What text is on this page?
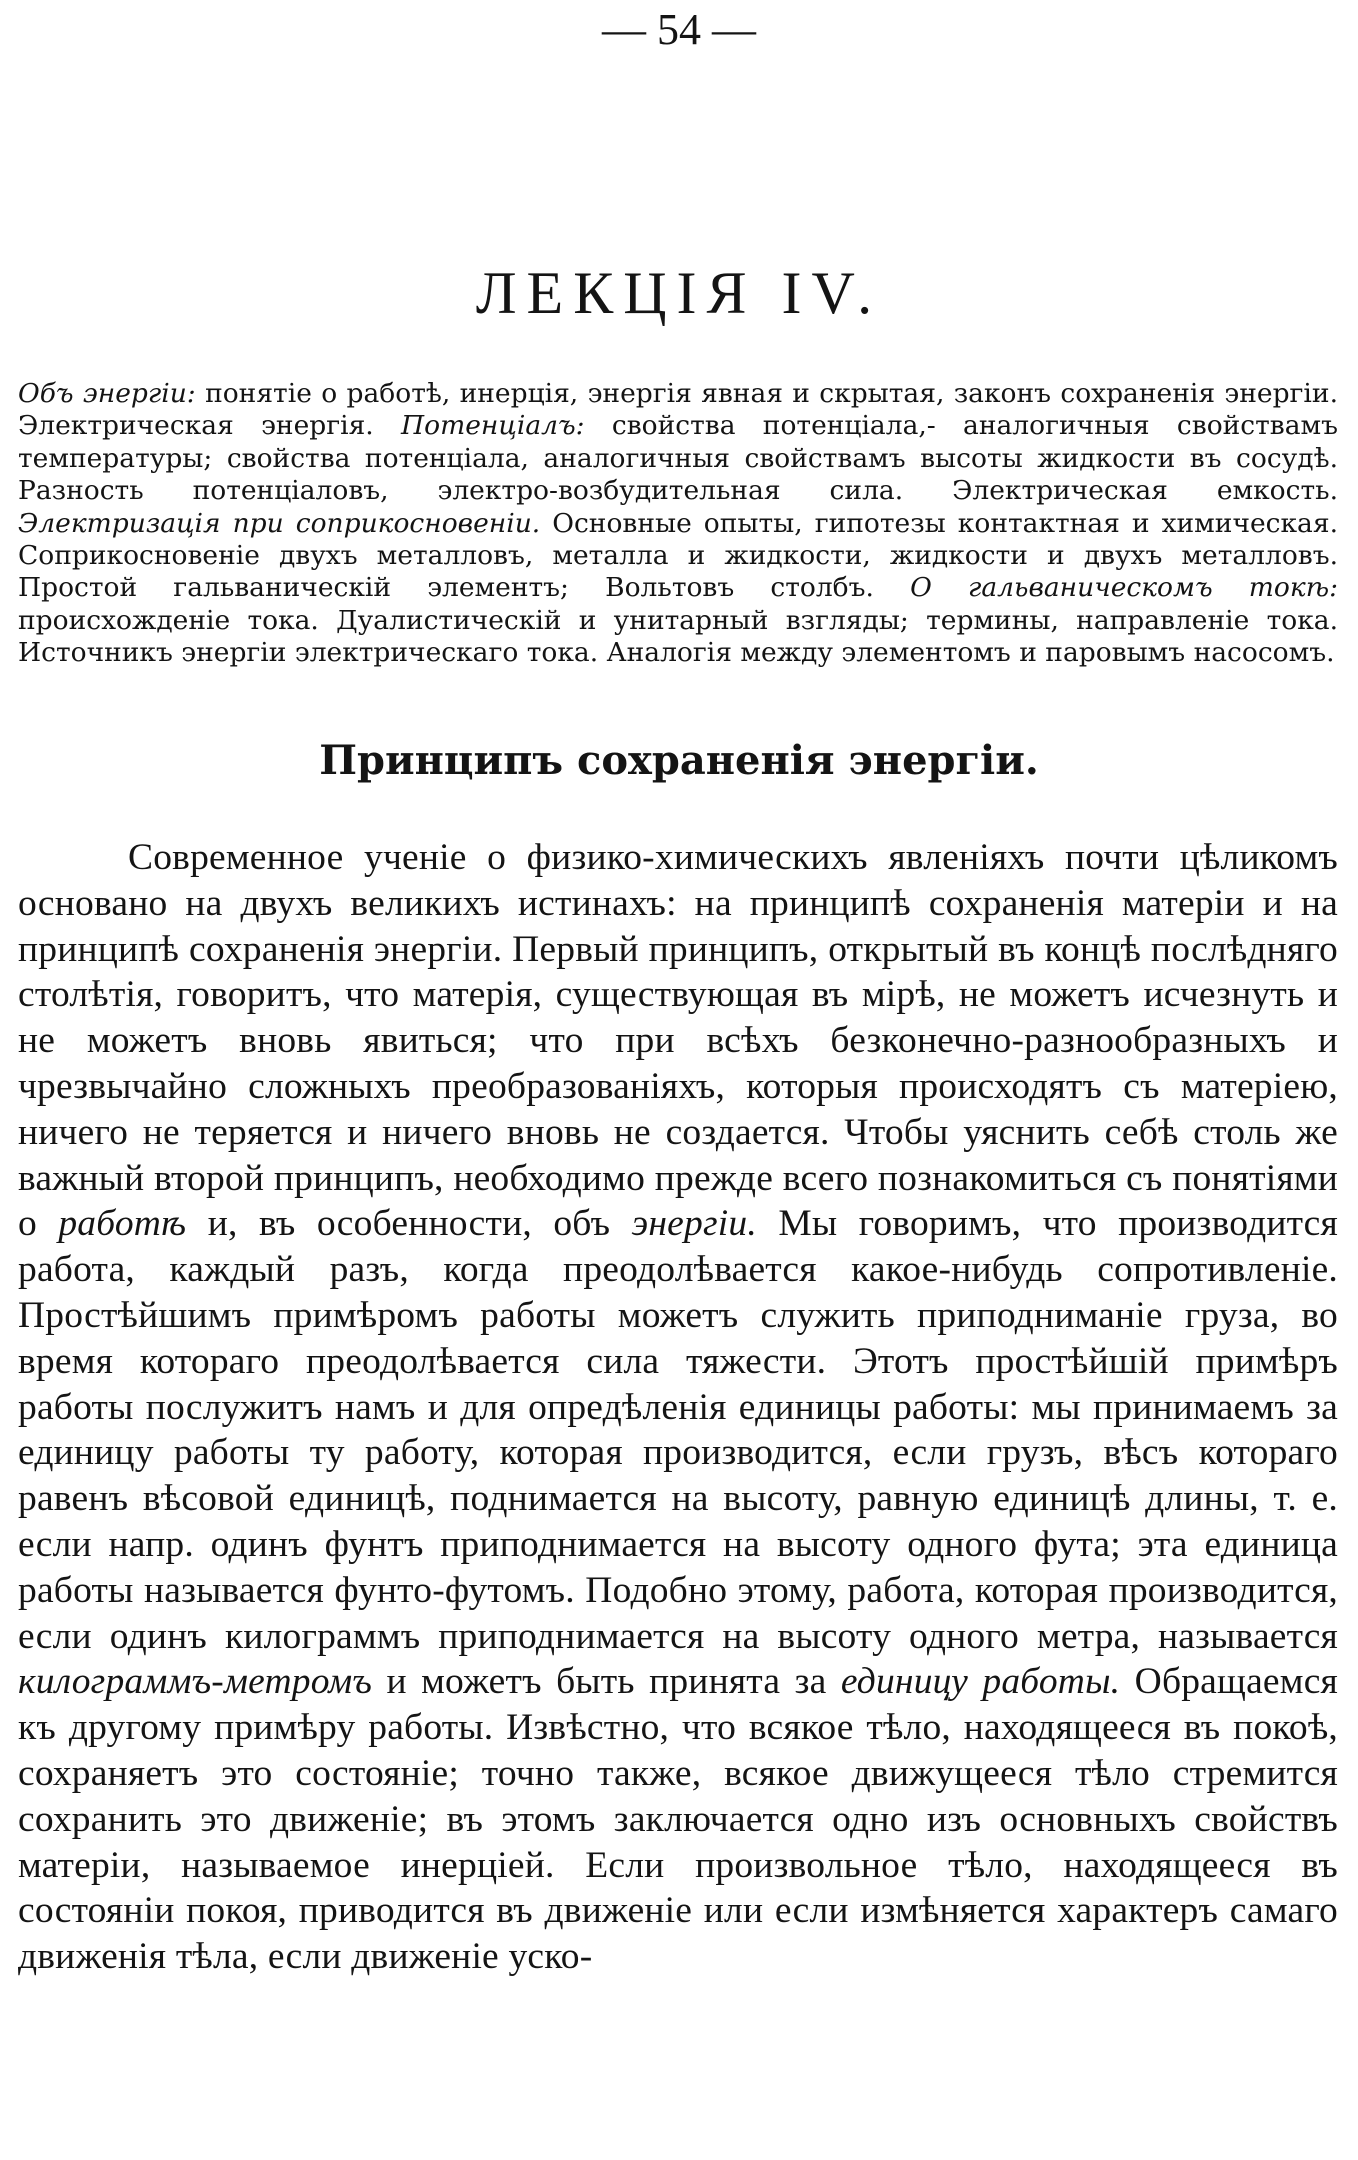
— 54 —
ЛЕКЦІЯ IV.

Объ энергіи: понятіе о работѣ, инерція, энергія явная и скрытая, законъ сохраненія энергіи. Электрическая энергія. Потенціалъ: свойства потенціала,- аналогичныя свойствамъ температуры; свойства потенціала, аналогичныя свойствамъ высоты жидкости въ сосудѣ. Разность потенціаловъ, электро-возбудительная сила. Электрическая емкость. Электризація при соприкосновеніи. Основные опыты, гипотезы контактная и химическая. Соприкосновеніе двухъ металловъ, металла и жидкости, жидкости и двухъ металловъ. Простой гальваническій элементъ; Вольтовъ столбъ. О гальваническомъ токѣ: происхожденіе тока. Дуалистическій и унитарный взгляды; термины, направленіе тока. Источникъ энергіи электрическаго тока. Аналогія между элементомъ и паровымъ насосомъ.

Принципъ сохраненія энергіи.

Современное ученіе о физико-химическихъ явленіяхъ почти цѣликомъ основано на двухъ великихъ истинахъ: на принципѣ сохраненія матеріи и на принципѣ сохраненія энергіи. Первый принципъ, открытый въ концѣ послѣдняго столѣтія, говоритъ, что матерія, существующая въ мірѣ, не можетъ исчезнуть и не можетъ вновь явиться; что при всѣхъ безконечно-разнообразныхъ и чрезвычайно сложныхъ преобразованіяхъ, которыя происходятъ съ матеріею, ничего не теряется и ничего вновь не создается. Чтобы уяснить себѣ столь же важный второй принципъ, необходимо прежде всего познакомиться съ понятіями о работѣ и, въ особенности, объ энергіи. Мы говоримъ, что производится работа, каждый разъ, когда преодолѣвается какое-нибудь сопротивленіе. Простѣйшимъ примѣромъ работы можетъ служить приподниманіе груза, во время котораго преодолѣвается сила тяжести. Этотъ простѣйшій примѣръ работы послужитъ намъ и для опредѣленія единицы работы: мы принимаемъ за единицу работы ту работу, которая производится, если грузъ, вѣсъ котораго равенъ вѣсовой единицѣ, поднимается на высоту, равную единицѣ длины, т. е. если напр. одинъ фунтъ приподнимается на высоту одного фута; эта единица работы называется фунто-футомъ. Подобно этому, работа, которая производится, если одинъ килограммъ приподнимается на высоту одного метра, называется килограммъ-метромъ и можетъ быть принята за единицу работы. Обращаемся къ другому примѣру работы. Извѣстно, что всякое тѣло, находящееся въ покоѣ, сохраняетъ это состояніе; точно также, всякое движущееся тѣло стремится сохранить это движеніе; въ этомъ заключается одно изъ основныхъ свойствъ матеріи, называемое инерціей. Если произвольное тѣло, находящееся въ состояніи покоя, приводится въ движеніе или если измѣняется характеръ самаго движенія тѣла, если движеніе уско-
